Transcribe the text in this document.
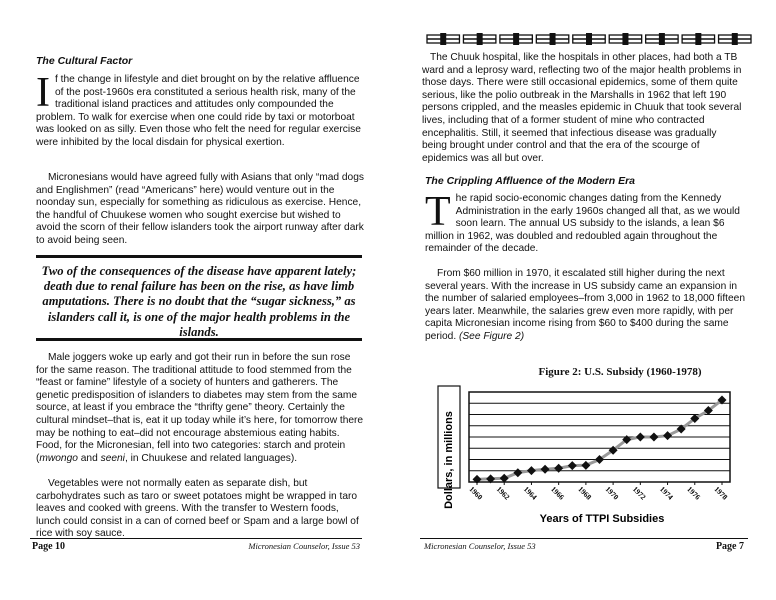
The Cultural Factor
If the change in lifestyle and diet brought on by the relative affluence of the post-1960s era constituted a serious health risk, many of the traditional island practices and attitudes only compounded the problem. To walk for exercise when one could ride by taxi or motorboat was looked on as silly. Even those who felt the need for regular exercise were inhibited by the local disdain for physical exertion.
Micronesians would have agreed fully with Asians that only “mad dogs and Englishmen” (read “Americans” here) would venture out in the noonday sun, especially for something as ridiculous as exercise. Hence, the handful of Chuukese women who sought exercise but wished to avoid the scorn of their fellow islanders took the airport runway after dark to avoid being seen.

Two of the consequences of the disease have apparent lately; death due to renal failure has been on the rise, as have limb amputations. There is no doubt that the “sugar sickness,” as islanders call it, is one of the major health problems in the islands.

Male joggers woke up early and got their run in before the sun rose for the same reason. The traditional attitude to food stemmed from the “feast or famine” lifestyle of a society of hunters and gatherers. The genetic predisposition of islanders to diabetes may stem from the same source, at least if you embrace the “thrifty gene” theory. Certainly the cultural mindset–that is, eat it up today while it’s here, for tomorrow there may be nothing to eat–did not encourage abstemious eating habits. Food, for the Micronesian, fell into two categories: starch and protein (mwongo and seeni, in Chuukese and related languages).
Vegetables were not normally eaten as separate dish, but carbohydrates such as taro or sweet potatoes might be wrapped in taro leaves and cooked with greens. With the transfer to Western foods, lunch could consist in a can of corned beef or Spam and a large bowl of rice with soy sauce.
Page 10	Micronesian Counselor, Issue 53
The Chuuk hospital, like the hospitals in other places, had both a TB ward and a leprosy ward, reflecting two of the major health problems in those days. There were still occasional epidemics, some of them quite serious, like the polio outbreak in the Marshalls in 1962 that left 190 persons crippled, and the measles epidemic in Chuuk that took several lives, including that of a former student of mine who contracted encephalitis. Still, it seemed that infectious disease was gradually being brought under control and that the era of the scourge of epidemics was all but over.
The Crippling Affluence of the Modern Era
The rapid socio-economic changes dating from the Kennedy Administration in the early 1960s changed all that, as we would soon learn. The annual US subsidy to the islands, a lean $6 million in 1962, was doubled and redoubled again throughout the remainder of the decade.
From $60 million in 1970, it escalated still higher during the next several years. With the increase in US subsidy came an expansion in the number of salaried employees–from 3,000 in 1962 to 18,000 fifteen years later. Meanwhile, the salaries grew even more rapidly, with per capita Micronesian income rising from $60 to $400 during the same period. (See Figure 2)

Figure 2: U.S. Subsidy (1960-1978)

1960 1962 1964 1966 1968 1970 1972 1974 1976 1978
Dollars, in millions
Years of TTPI Subsidies
Micronesian Counselor, Issue 53	Page 7
